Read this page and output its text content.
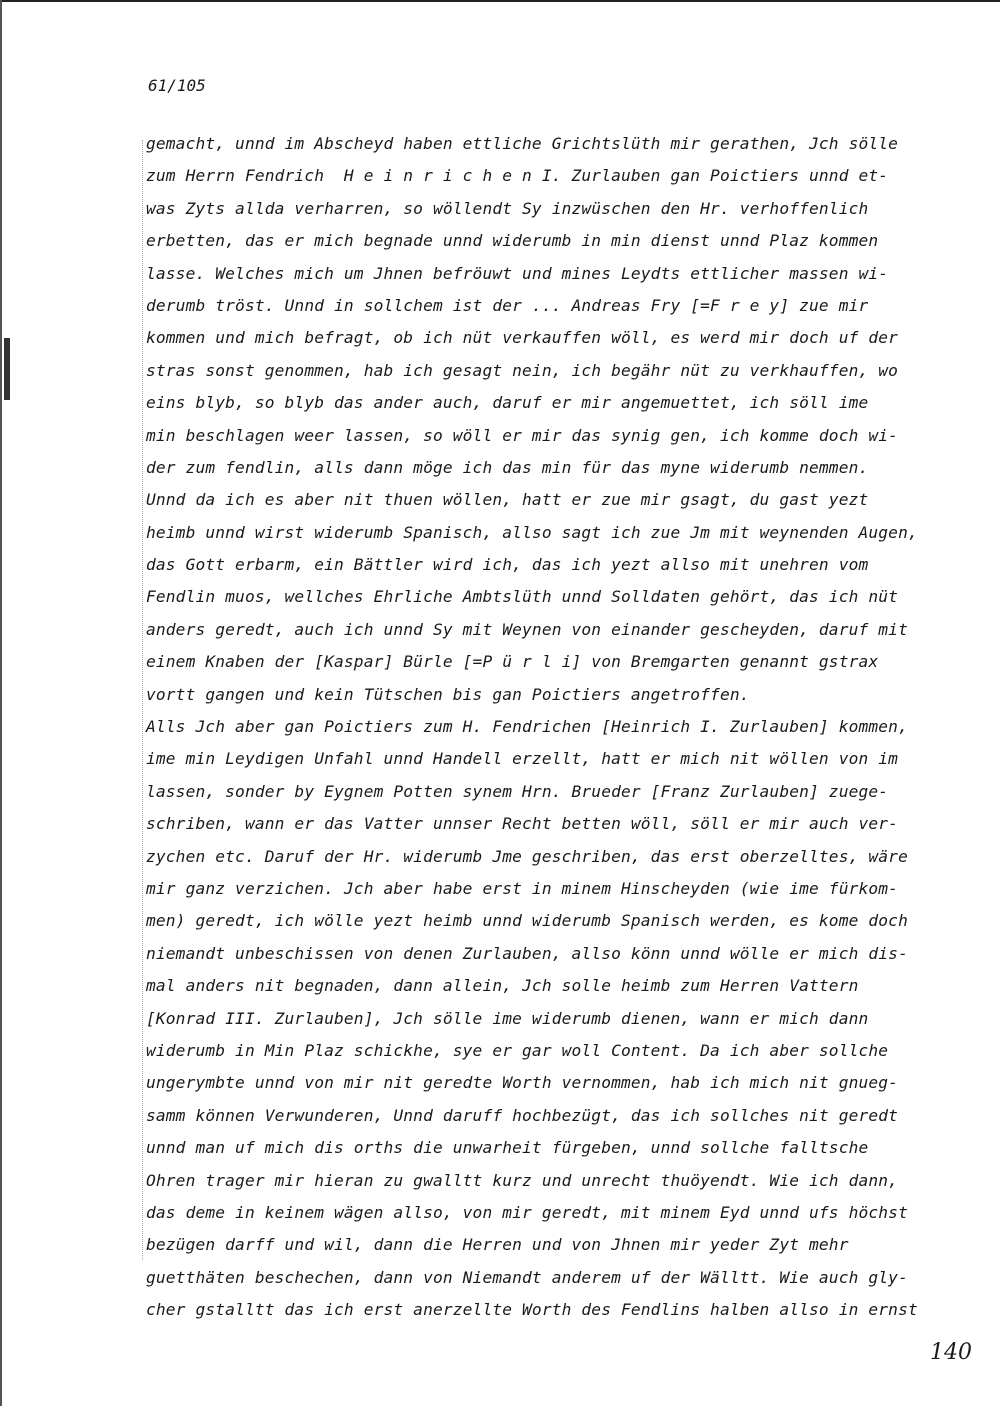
61/105
gemacht, unnd im Abscheyd haben ettliche Grichtslüth mir gerathen, Jch sölle
zum Herrn Fendrich  H e i n r i c h e n I. Zurlauben gan Poictiers unnd et-
was Zyts allda verharren, so wöllendt Sy inzwüschen den Hr. verhoffenlich
erbetten, das er mich begnade unnd widerumb in min dienst unnd Plaz kommen
lasse. Welches mich um Jhnen befröuwt und mines Leydts ettlicher massen wi-
derumb tröst. Unnd in sollchem ist der ... Andreas Fry [=F r e y] zue mir
kommen und mich befragt, ob ich nüt verkauffen wöll, es werd mir doch uf der
stras sonst genommen, hab ich gesagt nein, ich begähr nüt zu verkhauffen, wo
eins blyb, so blyb das ander auch, daruf er mir angemuettet, ich söll ime
min beschlagen weer lassen, so wöll er mir das synig gen, ich komme doch wi-
der zum fendlin, alls dann möge ich das min für das myne widerumb nemmen.
Unnd da ich es aber nit thuen wöllen, hatt er zue mir gsagt, du gast yezt
heimb unnd wirst widerumb Spanisch, allso sagt ich zue Jm mit weynenden Augen,
das Gott erbarm, ein Bättler wird ich, das ich yezt allso mit unehren vom
Fendlin muos, wellches Ehrliche Ambtslüth unnd Solldaten gehört, das ich nüt
anders geredt, auch ich unnd Sy mit Weynen von einander gescheyden, daruf mit
einem Knaben der [Kaspar] Bürle [=P ü r l i] von Bremgarten genannt gstrax
vortt gangen und kein Tütschen bis gan Poictiers angetroffen.
Alls Jch aber gan Poictiers zum H. Fendrichen [Heinrich I. Zurlauben] kommen,
ime min Leydigen Unfahl unnd Handell erzellt, hatt er mich nit wöllen von im
lassen, sonder by Eygnem Potten synem Hrn. Brueder [Franz Zurlauben] zuege-
schriben, wann er das Vatter unnser Recht betten wöll, söll er mir auch ver-
zychen etc. Daruf der Hr. widerumb Jme geschriben, das erst oberzelltes, wäre
mir ganz verzichen. Jch aber habe erst in minem Hinscheyden (wie ime fürkom-
men) geredt, ich wölle yezt heimb unnd widerumb Spanisch werden, es kome doch
niemandt unbeschissen von denen Zurlauben, allso könn unnd wölle er mich dis-
mal anders nit begnaden, dann allein, Jch solle heimb zum Herren Vattern
[Konrad III. Zurlauben], Jch sölle ime widerumb dienen, wann er mich dann
widerumb in Min Plaz schickhe, sye er gar woll Content. Da ich aber sollche
ungerymbte unnd von mir nit geredte Worth vernommen, hab ich mich nit gnueg-
samm können Verwunderen, Unnd daruff hochbezügt, das ich sollches nit geredt
unnd man uf mich dis orths die unwarheit fürgeben, unnd sollche falltsche
Ohren trager mir hieran zu gwalltt kurz und unrecht thuöyendt. Wie ich dann,
das deme in keinem wägen allso, von mir geredt, mit minem Eyd unnd ufs höchst
bezügen darff und wil, dann die Herren und von Jhnen mir yeder Zyt mehr
guetthäten beschechen, dann von Niemandt anderem uf der Wälltt. Wie auch gly-
cher gstalltt das ich erst anerzellte Worth des Fendlins halben allso in ernst
140
